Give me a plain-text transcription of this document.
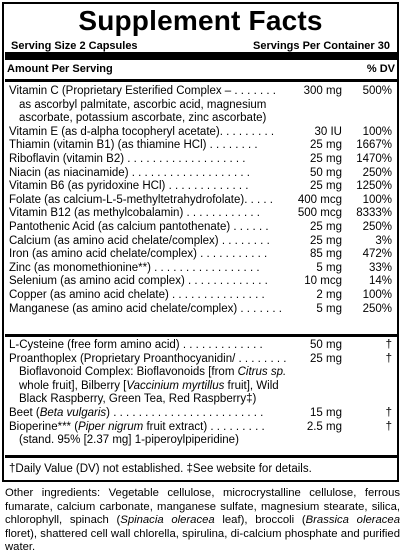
Supplement Facts
Serving Size 2 Capsules	Servings Per Container 30
Amount Per Serving	% DV
Vitamin C (Proprietary Esterified Complex – . . . . . . .	300 mg 500%
as ascorbyl palmitate, ascorbic acid, magnesium
ascorbate, potassium ascorbate, zinc ascorbate)
Vitamin E (as d-alpha tocopheryl acetate). . . . . . . . .	30 IU 100%
Thiamin (vitamin B1) (as thiamine HCl) . . . . . . . .	25 mg 1667%
Riboflavin (vitamin B2) . . . . . . . . . . . . . . . . . . .	25 mg 1470%
Niacin (as niacinamide) . . . . . . . . . . . . . . . . . . .	50 mg 250%
Vitamin B6 (as pyridoxine HCl) . . . . . . . . . . . . .	25 mg 1250%
Folate (as calcium-L-5-methyltetrahydrofolate). . . . .	400 mcg 100%
Vitamin B12 (as methylcobalamin) . . . . . . . . . . . .	500 mcg 8333%
Pantothenic Acid (as calcium pantothenate) . . . . . .	25 mg 250%
Calcium (as amino acid chelate/complex) . . . . . . . .	25 mg	3%
Iron (as amino acid chelate/complex) . . . . . . . . . . .	85 mg 472%
Zinc (as monomethionine**) . . . . . . . . . . . . . . . . .	5 mg 33%
Selenium (as amino acid complex) . . . . . . . . . . . . .	10 mcg 14%
Copper (as amino acid chelate) . . . . . . . . . . . . . . .	2 mg 100%
Manganese (as amino acid chelate/complex) . . . . . . .	5 mg 250%
L-Cysteine (free form amino acid) . . . . . . . . . . . . .	50 mg	†
Proanthoplex (Proprietary Proanthocyanidin/ . . . . . . . .	25 mg	†
Bioflavonoid Complex: Bioflavonoids [from Citrus sp.
whole fruit], Bilberry [Vaccinium myrtillus fruit], Wild
Black Raspberry, Green Tea, Red Raspberry‡)
Beet (Beta vulgaris) . . . . . . . . . . . . . . . . . . . . . . . .	15 mg	†
Bioperine*** (Piper nigrum fruit extract) . . . . . . . . .	2.5 mg	†
(stand. 95% [2.37 mg] 1-piperoylpiperidine)
†Daily Value (DV) not established. ‡See website for details.
Other ingredients: Vegetable cellulose, microcrystalline cellulose, ferrous fumarate, calcium carbonate, manganese sulfate, magnesium stearate, silica, chlorophyll, spinach (Spinacia oleracea leaf), broccoli (Brassica oleracea floret), shattered cell wall chlorella, spirulina, di-calcium phosphate and purified water.
